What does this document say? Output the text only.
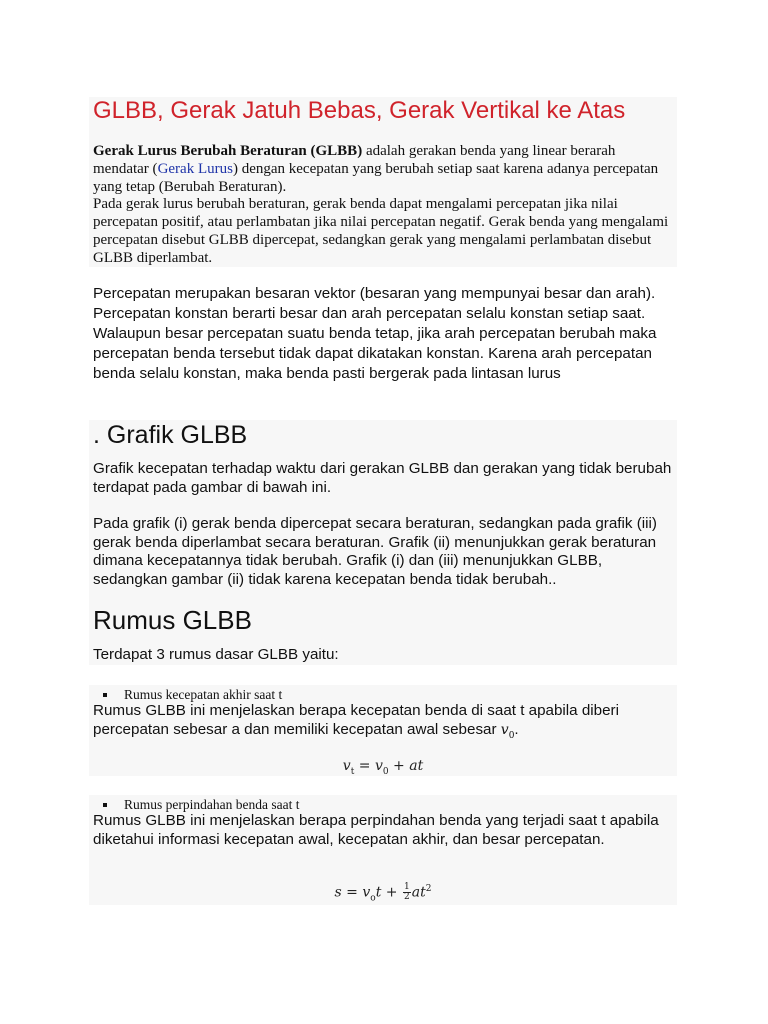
GLBB, Gerak Jatuh Bebas, Gerak Vertikal ke Atas
Gerak Lurus Berubah Beraturan (GLBB) adalah gerakan benda yang linear berarah mendatar (Gerak Lurus) dengan kecepatan yang berubah setiap saat karena adanya percepatan yang tetap (Berubah Beraturan).
Pada gerak lurus berubah beraturan, gerak benda dapat mengalami percepatan jika nilai percepatan positif, atau perlambatan jika nilai percepatan negatif. Gerak benda yang mengalami percepatan disebut GLBB dipercepat, sedangkan gerak yang mengalami perlambatan disebut GLBB diperlambat.
Percepatan merupakan besaran vektor (besaran yang mempunyai besar dan arah). Percepatan konstan berarti besar dan arah percepatan selalu konstan setiap saat. Walaupun besar percepatan suatu benda tetap, jika arah percepatan berubah maka percepatan benda tersebut tidak dapat dikatakan konstan. Karena arah percepatan benda selalu konstan, maka benda pasti bergerak pada lintasan lurus
. Grafik GLBB
Grafik kecepatan terhadap waktu dari gerakan GLBB dan gerakan yang tidak berubah terdapat pada gambar di bawah ini.
Pada grafik (i) gerak benda dipercepat secara beraturan, sedangkan pada grafik (iii) gerak benda diperlambat secara beraturan. Grafik (ii) menunjukkan gerak beraturan dimana kecepatannya tidak berubah. Grafik (i) dan (iii) menunjukkan GLBB, sedangkan gambar (ii) tidak karena kecepatan benda tidak berubah..
Rumus GLBB
Terdapat 3 rumus dasar GLBB yaitu:
Rumus kecepatan akhir saat t
Rumus GLBB ini menjelaskan berapa kecepatan benda di saat t apabila diberi percepatan sebesar a dan memiliki kecepatan awal sebesar $v_0$.
$v_t = v_0$ + at
Rumus perpindahan benda saat t
Rumus GLBB ini menjelaskan berapa perpindahan benda yang terjadi saat t apabila diketahui informasi kecepatan awal, kecepatan akhir, dan besar percepatan.
$s = v_ot + \frac{1}{2} at^2$
